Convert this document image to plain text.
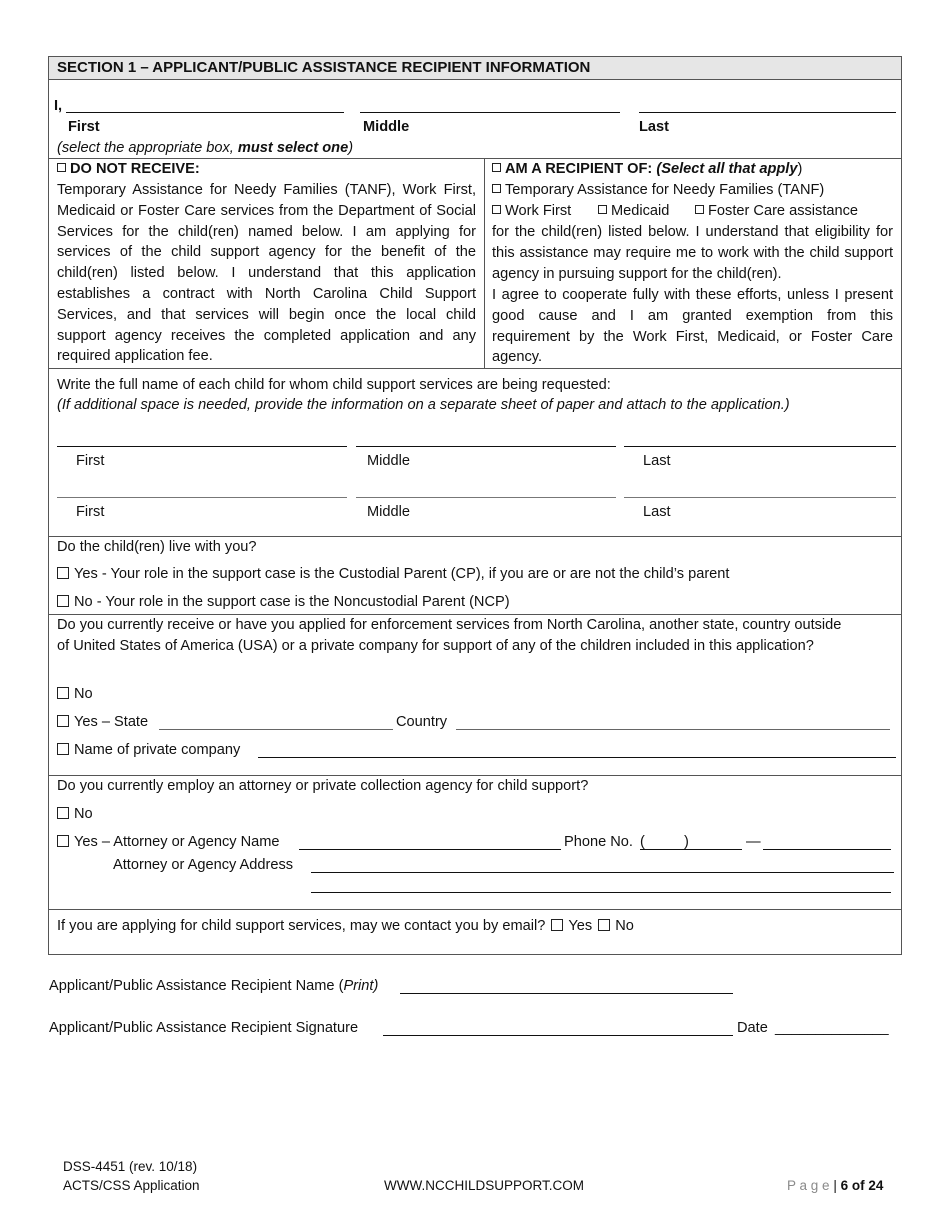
SECTION 1 – APPLICANT/PUBLIC ASSISTANCE RECIPIENT INFORMATION
I,
First	Middle	Last
(select the appropriate box, must select one)
DO NOT RECEIVE:
Temporary Assistance for Needy Families (TANF), Work First, Medicaid or Foster Care services from the Department of Social Services for the child(ren) named below. I am applying for services of the child support agency for the benefit of the child(ren) listed below. I understand that this application establishes a contract with North Carolina Child Support Services, and that services will begin once the local child support agency receives the completed application and any required application fee.
AM A RECIPIENT OF: (Select all that apply)
Temporary Assistance for Needy Families (TANF)
Work First	Medicaid	Foster Care assistance
for the child(ren) listed below. I understand that eligibility for this assistance may require me to work with the child support agency in pursuing support for the child(ren).
I agree to cooperate fully with these efforts, unless I present good cause and I am granted exemption from this requirement by the Work First, Medicaid, or Foster Care agency.
Write the full name of each child for whom child support services are being requested:
(If additional space is needed, provide the information on a separate sheet of paper and attach to the application.)
First	Middle	Last
First	Middle	Last
Do the child(ren) live with you?
Yes - Your role in the support case is the Custodial Parent (CP), if you are or are not the child’s parent
No - Your role in the support case is the Noncustodial Parent (NCP)
Do you currently receive or have you applied for enforcement services from North Carolina, another state, country outside of United States of America (USA) or a private company for support of any of the children included in this application?
No
Yes – State	Country
Name of private company
Do you currently employ an attorney or private collection agency for child support?
No
Yes – Attorney or Agency Name	Phone No. (	)	—
Attorney or Agency Address
If you are applying for child support services, may we contact you by email? Yes No
Applicant/Public Assistance Recipient Name (Print)
Applicant/Public Assistance Recipient Signature	Date ______________
DSS-4451 (rev. 10/18)
ACTS/CSS Application	WWW.NCCHILDSUPPORT.COM	P a g e | 6 of 24
